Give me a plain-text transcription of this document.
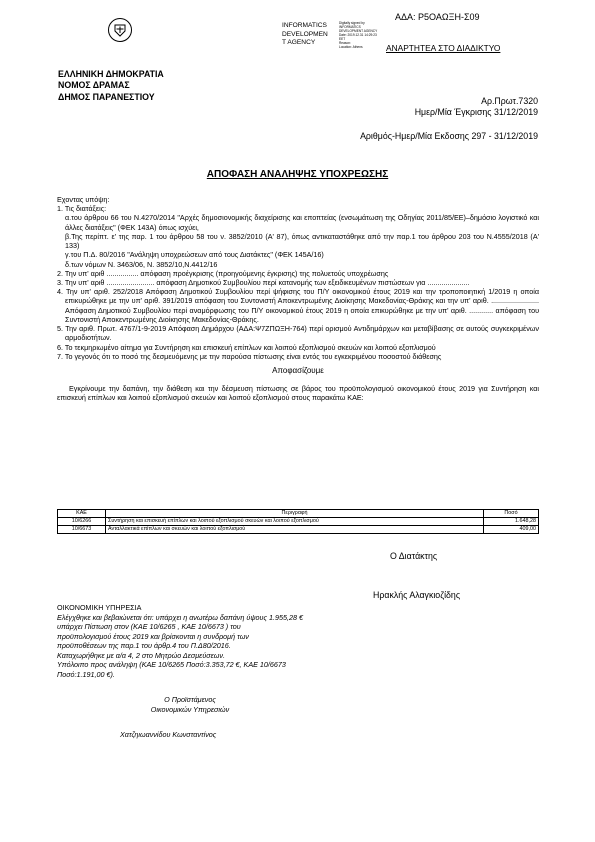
ΑΔΑ: Ρ5ΟΑΩΞΗ-Σ09
INFORMATICS
DEVELOPMEN
T AGENCY
Digitally signed by
INFORMATICS
DEVELOPMENT AGENCY
Date: 2019.12.31 14:29:23
EET
Reason:
Location: Athens	ΑΝΑΡΤΗΤΕΑ ΣΤΟ ΔΙΑΔΙΚΤΥΟ
ΕΛΛΗΝΙΚΗ ΔΗΜΟΚΡΑΤΙΑ
ΝΟΜΟΣ ΔΡΑΜΑΣ
ΔΗΜΟΣ ΠΑΡΑΝΕΣΤΙΟΥ	Αρ.Πρωτ.7320
Ημερ/Μία Έγκρισης 31/12/2019
Αριθμός-Ημερ/Μία Εκδοσης 297 - 31/12/2019
ΑΠΟΦΑΣΗ ΑΝΑΛΗΨΗΣ ΥΠΟΧΡΕΩΣΗΣ
Εχοντας υπόψη:
1. Τις διατάξεις:
α.του άρθρου 66 του Ν.4270/2014 "Αρχές δημοσιονομικής διαχείρισης και εποπτείας (ενσωμάτωση της Οδηγίας 2011/85/ΕΕ)–δημόσιο λογιστικό και άλλες διατάξεις" (ΦΕΚ 143Α) όπως ισχύει,
β.Της περίπτ. ε' της παρ. 1 του άρθρου 58 του ν. 3852/2010 (Α' 87), όπως αντικαταστάθηκε από την παρ.1 του άρθρου 203 του Ν.4555/2018 (Α' 133)
γ.του Π.Δ. 80/2016 "Ανάληψη υποχρεώσεων από τους Διατάκτες" (ΦΕΚ 145Α/16)
δ.των νόμων Ν. 3463/06, Ν. 3852/10,Ν.4412/16
2. Την υπ' αριθ ................ απόφαση προέγκρισης (προηγούμενης έγκρισης) της πολυετούς υποχρέωσης
3. Την υπ' αριθ ........................ απόφαση Δημοτικού Συμβουλίου περί κατανομής των εξειδικευμένων πιστώσεων για .....................
4. Την υπ' αριθ. 252/2018 Απόφαση Δημοτικού Συμβουλίου περί ψήφισης του Π/Υ οικονομικού έτους 2019 και την τροποποιητική 1/2019 η οποία επικυρώθηκε με την υπ' αριθ. 391/2019 απόφαση του Συντονιστή Αποκεντρωμένης Διοίκησης Μακεδονίας-Θράκης και την υπ' αριθ. ........................ Απόφαση Δημοτικού Συμβουλίου περί αναμόρφωσης του Π/Υ οικονομικού έτους 2019 η οποία επικυρώθηκε με την υπ' αριθ. ............ απόφαση του Συντονιστή Αποκεντρωμένης Διοίκησης Μακεδονίας-Θράκης.
5. Την αριθ. Πρωτ. 4767/1-9-2019 Απόφαση Δημάρχου (ΑΔΑ:Ψ7ΖΠΩΞΗ-764) περί ορισμού Αντιδημάρχων και μεταβίβασης σε αυτούς συγκεκριμένων αρμοδιοτήτων.
6. Το τεκμηριωμένο αίτημα για Συντήρηση και επισκευή επίπλων και λοιπού εξοπλισμού σκευών και λοιπού εξοπλισμού
7. Το γεγονός ότι το ποσό της δεσμευόμενης με την παρούσα πίστωσης είναι εντός του εγκεκριμένου ποσοστού διάθεσης
Αποφασίζουμε
Εγκρίνουμε την δαπάνη, την διάθεση και την δέσμευση πίστωσης σε βάρος του προϋπολογισμού οικονομικού έτους 2019 για Συντήρηση και επισκευή επίπλων και λοιπού εξοπλισμού σκευών και λοιπού εξοπλισμού στους παρακάτω ΚΑΕ:
ΚΑΕ	Περιγραφή	Ποσό
10/6266	Συντήρηση και επισκευή επίπλων και λοιπού εξοπλισμού σκευών και λοιπού εξοπλισμού	1.648,28
10/6673	Ανταλλακτικά επίπλων και σκευών και λοιπού εξοπλισμού	409,00
Ο Διατάκτης
Ηρακλής Αλαγκιοζίδης
ΟΙΚΟΝΟΜΙΚΗ ΥΠΗΡΕΣΙΑ
Ελέγχθηκε και βεβαιώνεται ότι: υπάρχει η ανωτέρω δαπάνη ύψους 1.955,28 €
υπάρχει Πίστωση στον (ΚΑΕ 10/6265 , ΚΑΕ 10/6673 ) του
προϋπολογισμού έτους 2019 και βρίσκονται η συνδρομή των
προϋποθέσεων της παρ.1 του άρθρ.4 του Π.Δ80/2016.
Καταχωρήθηκε με α/α 4, 2 στο Μητρώο Δεσμεύσεων.
Υπόλοιπο προς ανάληψη (ΚΑΕ 10/6265 Ποσό:3.353,72 €, ΚΑΕ 10/6673
Ποσό:1.191,00 €).
Ο Προϊστάμενος
Οικονομικών Υπηρεσιών
Χατζηιωαννίδου Κωνσταντίνος
